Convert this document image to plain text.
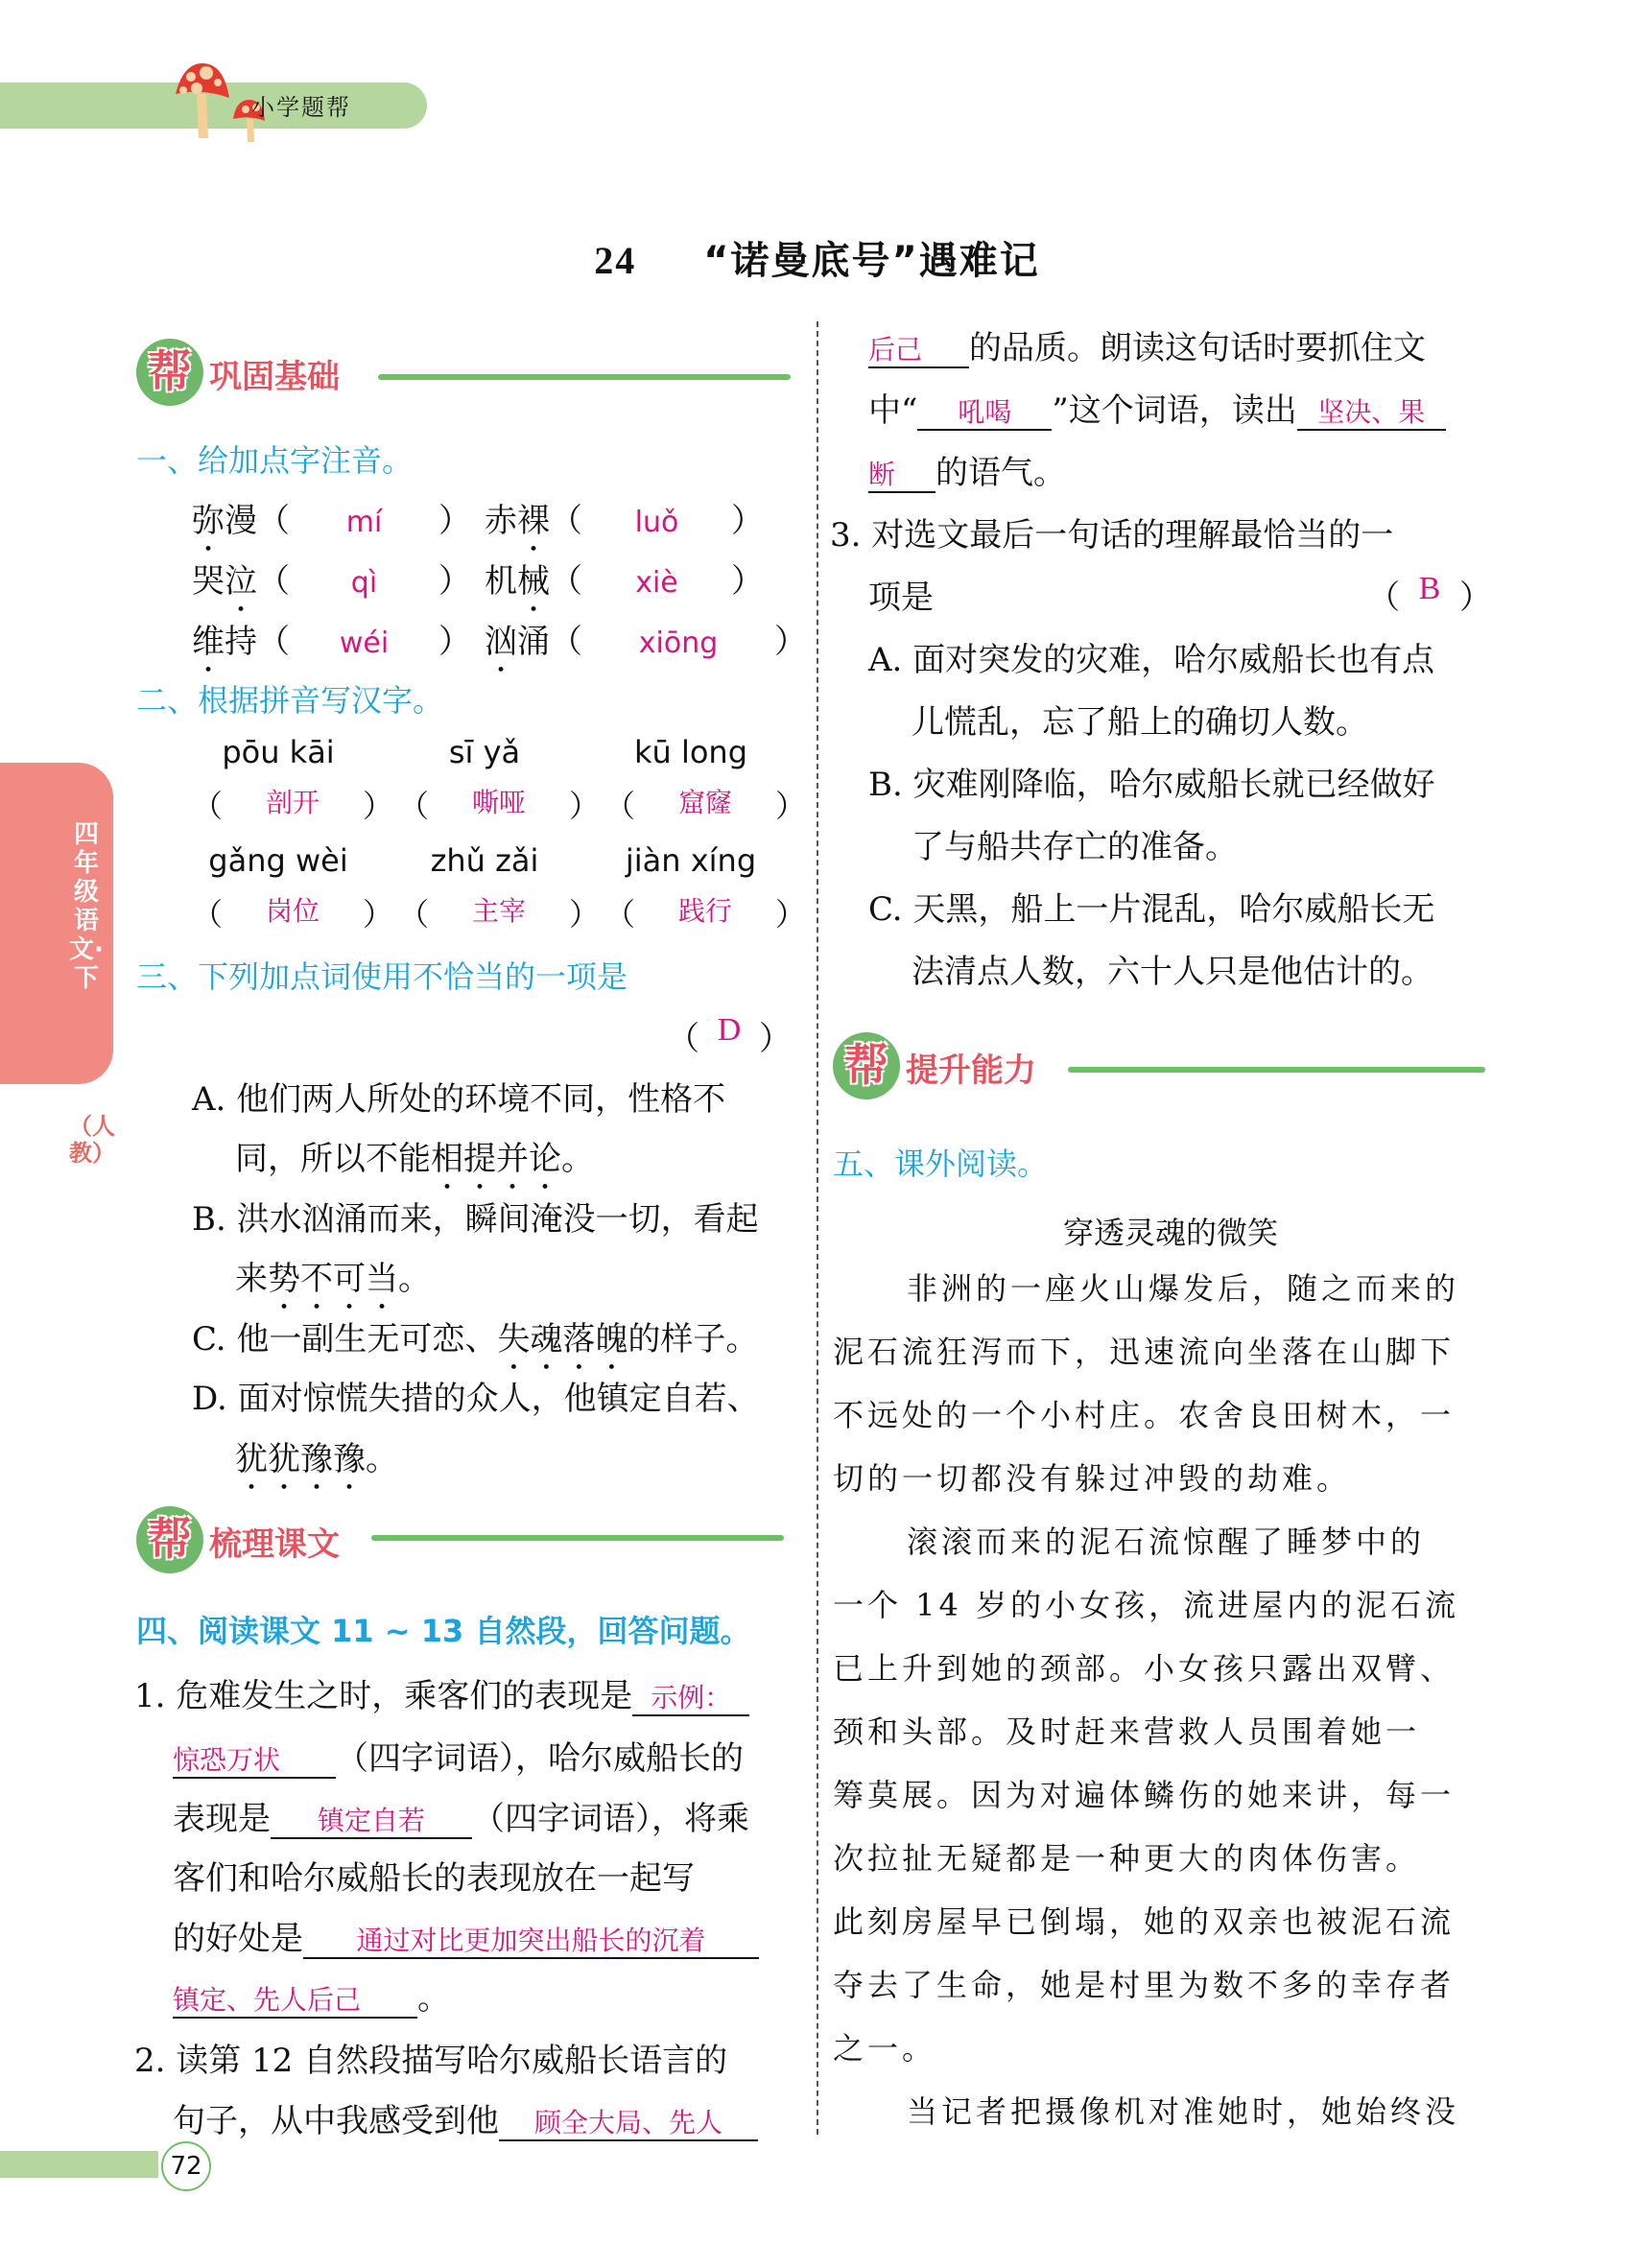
小学题帮
24 “诺曼底号”遇难记
四年级语文·下
（人教）
帮 巩固基础
一、给加点字注音。
弥漫（ mí ） 赤裸（ luǒ ）
哭泣（ qì ） 机械（ xiè ）
维持（ wéi ） 汹涌（ xiōng ）
二、根据拼音写汉字。
pōu kāi	sī yǎ	kū long
（ 剖开 ） （ 嘶哑 ） （ 窟窿 ）
gǎng wèi	zhǔ zǎi	jiàn xíng
（ 岗位 ） （ 主宰 ） （ 践行 ）
三、下列加点词使用不恰当的一项是
（ D ）
A. 他们两人所处的环境不同，性格不
同，所以不能相提并论。
B. 洪水汹涌而来，瞬间淹没一切，看起
来势不可当。
C. 他一副生无可恋、失魂落魄的样子。
D. 面对惊慌失措的众人，他镇定自若、
犹犹豫豫。
帮 梳理课文
四、阅读课文 11 ~ 13 自然段，回答问题。
1. 危难发生之时，乘客们的表现是 示例：
惊恐万状 （四字词语），哈尔威船长的
表现是 镇定自若 （四字词语），将乘
客们和哈尔威船长的表现放在一起写
的好处是 通过对比更加突出船长的沉着
镇定、先人后己 。
2. 读第 12 自然段描写哈尔威船长语言的
句子，从中我感受到他 顾全大局、先人
72
后己 的品质。朗读这句话时要抓住文
中“ 吼喝 ”这个词语，读出 坚决、果
断 的语气。
3. 对选文最后一句话的理解最恰当的一
项是	（ B ）
A. 面对突发的灾难，哈尔威船长也有点
儿慌乱，忘了船上的确切人数。
B. 灾难刚降临，哈尔威船长就已经做好
了与船共存亡的准备。
C. 天黑，船上一片混乱，哈尔威船长无
法清点人数，六十人只是他估计的。
帮 提升能力
五、课外阅读。
穿透灵魂的微笑
非洲的一座火山爆发后，随之而来的
泥石流狂泻而下，迅速流向坐落在山脚下
不远处的一个小村庄。农舍良田树木，一
切的一切都没有躲过冲毁的劫难。
滚滚而来的泥石流惊醒了睡梦中的
一个 14 岁的小女孩，流进屋内的泥石流
已上升到她的颈部。小女孩只露出双臂、
颈和头部。及时赶来营救人员围着她一
筹莫展。因为对遍体鳞伤的她来讲，每一
次拉扯无疑都是一种更大的肉体伤害。
此刻房屋早已倒塌，她的双亲也被泥石流
夺去了生命，她是村里为数不多的幸存者
之一。
当记者把摄像机对准她时，她始终没
